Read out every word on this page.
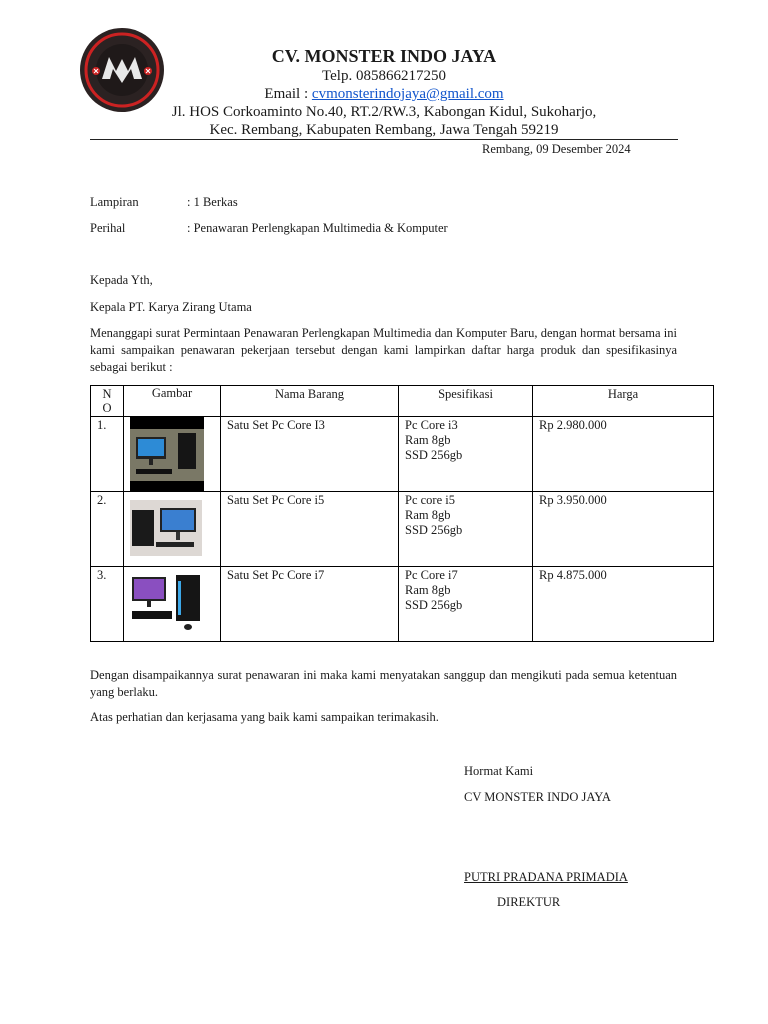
CV. MONSTER INDO JAYA
Telp. 085866217250
Email : cvmonsterindojaya@gmail.com
Jl. HOS Corkoaminto No.40, RT.2/RW.3, Kabongan Kidul, Sukoharjo,
Kec. Rembang, Kabupaten Rembang, Jawa Tengah 59219
Rembang, 09 Desember 2024
Lampiran	: 1 Berkas
Perihal	: Penawaran Perlengkapan Multimedia & Komputer
Kepada Yth,
Kepala PT. Karya Zirang Utama
Menanggapi surat Permintaan Penawaran Perlengkapan Multimedia dan Komputer Baru, dengan hormat bersama ini kami sampaikan penawaran pekerjaan tersebut dengan kami lampirkan daftar harga produk dan spesifikasinya sebagai berikut :
N
O	Gambar	Nama Barang	Spesifikasi	Harga
1.		Satu Set Pc Core I3	Pc Core i3
Ram 8gb
SSD 256gb	Rp 2.980.000
2.		Satu Set Pc Core i5	Pc core i5
Ram 8gb
SSD 256gb	Rp 3.950.000
3.		Satu Set Pc Core i7	Pc Core i7
Ram 8gb
SSD 256gb	Rp 4.875.000
Dengan disampaikannya surat penawaran ini maka kami menyatakan sanggup dan mengikuti pada semua ketentuan yang berlaku.
Atas perhatian dan kerjasama yang baik kami sampaikan terimakasih.
Hormat Kami
CV MONSTER INDO JAYA
PUTRI PRADANA PRIMADIA
DIREKTUR
